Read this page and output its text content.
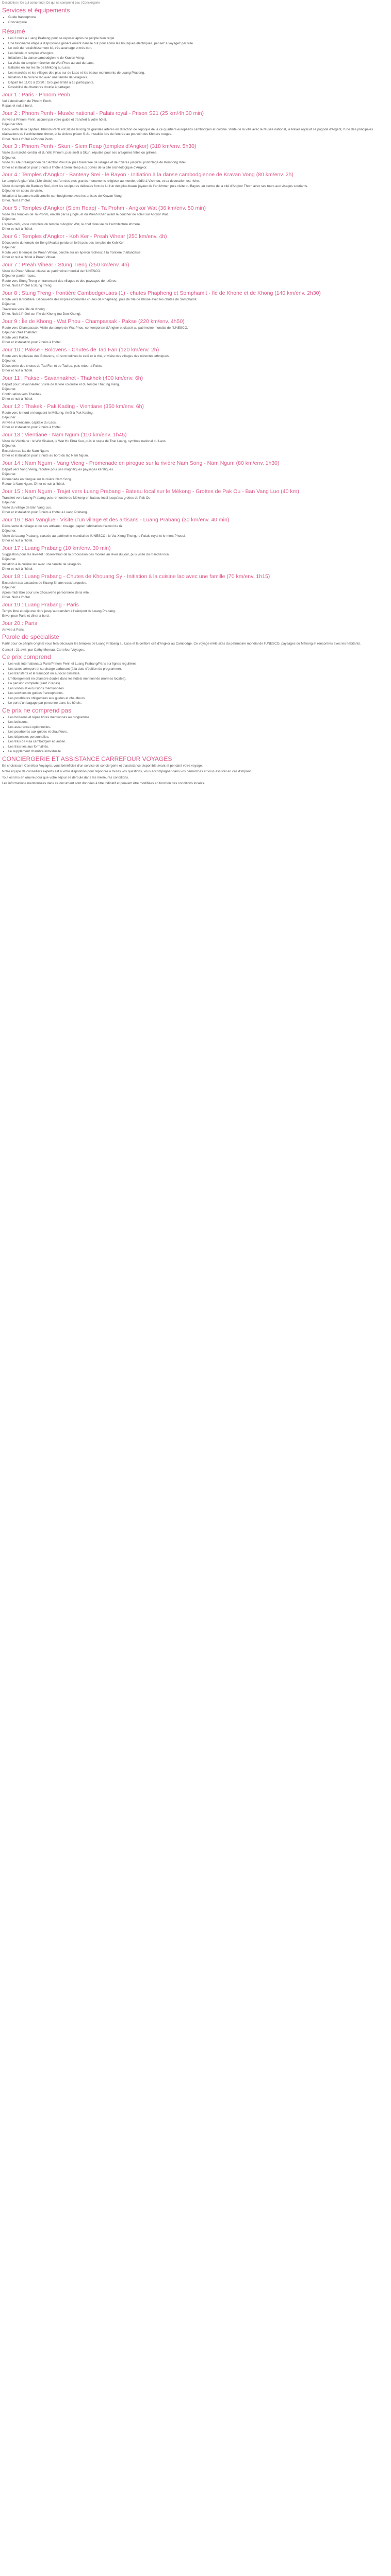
Description | Ce qui comprend | Ce qui ne comprend pas | Conciergerie
Services et équipements
• Guide francophone
• Conciergerie
Résumé
• Les 3 nuits à Luang Prabang pour se reposer après ce périple bien réglé.
• Une fascinante étape à dispositions généralement dans le but pour écrire les boutiques électriques, pensez à voyagez par ville.
• Le coût du rafraîchissement ici, très avantage et très bon.
• Les fabuleux temples d'Angkor.
• Initiation à la danse cambodgienne de Kravan Vong.
• La visite du temple mérovien de Wat Phou au sud du Laos.
• Balades en sur les île de Mékong au Laos.
• Les marchés et les villages des plus sur de Laos et les beaux monuments de Luang Prabang.
• Initiation à la cuisine lao avec une famille de villageois.
• Départ les 11/01 à 20/20 : Groupes limité à 16 participants.
• Possibilité de chambres double à partager.
Jour 1 : Paris - Phnom Penh

Vol à destination de Phnom Penh.
Repas et nuit à bord.

Jour 2 : Phnom Penh - Musée national - Palais royal - Prison S21 (25 km/4h 30 min)

Arrivée à Phnom Penh, accueil par votre guide et transfert à votre hôtel.
Déjeuner libre.
Découverte de la capitale. Phnom Penh est située le long de grandes artères en direction de l'époque de la ce quartiers européens cambodgien et colonie. Visite de la ville avec le Musée national, le Palais royal et sa pagode d'Argent, l'une des principales réalisations de l'architecture khmer, et la sinistre prison S-21 installée lors de l'entrée au pouvoir des Khmers rouges.
Dîner. Nuit à l'hôtel à Phnom Penh.

Jour 3 : Phnom Penh - Skun - Siem Reap (temples d'Angkor) (318 km/env. 5h30)

Visite du marché central et du Wat Phnom, puis arrêt à Skun, réputée pour ses araignées frites ou grillées.
Déjeuner.
Visite du site préangkorien de Sambor Prei Kuk puis traversée de villages et de rizières jusqu'au pont Naga de Kompong Kdei.
Dîner et installation pour 3 nuits à l'hôtel à Siem Reap aux portes de la cité archéologique d'Angkor.

Jour 4 : Temples d'Angkor - Banteay Srei - le Bayon - Initiation à la danse cambodgienne de Kravan Vong (80 km/env. 2h)

Le temple Angkor Wat (12e siècle) est l'un des plus grands monuments religieux au monde, dédié à Vishnou, et sa décoration est riche.
Visite du temple de Banteay Srei, dont les sculptures délicates font de lui l'un des plus beaux joyaux de l'art khmer, puis visite du Bayon, au centre de la cité d'Angkor Thom avec ses tours aux visages souriants.
Déjeuner en cours de visite.
Initiation à la danse traditionnelle cambodgienne avec les artistes de Kravan Vong.
Dîner. Nuit à l'hôtel.

Jour 5 : Temples d'Angkor (Siem Reap) - Ta Prohm - Angkor Wat (36 km/env. 50 min)

Visite des temples de Ta Prohm, envahi par la jungle, et du Preah Khan avant le coucher de soleil sur Angkor Wat.
Déjeuner.
L'après-midi, visite complète du temple d'Angkor Wat, le chef d'œuvre de l'architecture khmère.
Dîner et nuit à l'hôtel.

Jour 6 : Temples d'Angkor - Koh Ker - Preah Vihear (250 km/env. 4h)

Découverte du temple de Beng Mealea perdu en forêt puis des temples de Koh Ker.
Déjeuner.
Route vers le temple de Preah Vihear, perché sur un éperon rocheux à la frontière thaïlandaise.
Dîner et nuit à l'hôtel à Preah Vihear.

Jour 7 : Preah Vihear - Stung Treng (250 km/env. 4h)

Visite du Preah Vihear, classé au patrimoine mondial de l'UNESCO.
Déjeuner panier-repas.
Route vers Stung Treng en traversant des villages et des paysages de rizières.
Dîner. Nuit à l'hôtel à Stung Treng.

Jour 8 : Stung Treng - frontière Cambodge/Laos (1) - chutes Phapheng et Somphamit - île de Khone et de Khong (140 km/env. 2h30)

Route vers la frontière. Découverte des impressionnantes chutes de Phapheng, puis de l'île de Khone avec les chutes de Somphamit.
Déjeuner.
Traversée vers l'île de Khong.
Dîner. Nuit à l'hôtel sur l'île de Khong (ou Don Khong).

Jour 9 : Île de Khong - Wat Phou - Champassak - Pakse (220 km/env. 4h50)

Route vers Champassak. Visite du temple de Wat Phou, contemporain d'Angkor et classé au patrimoine mondial de l'UNESCO.
Déjeuner chez l'habitant.
Route vers Pakse.
Dîner et installation pour 2 nuits à l'hôtel.

Jour 10 : Pakse - Bolovens - Chutes de Tad Fan (120 km/env. 2h)

Route vers le plateau des Bolovens, où sont cultivés le café et le thé, et visite des villages des minorités ethniques.
Déjeuner.
Découverte des chutes de Tad Fan et de Tad Lo, puis retour à Pakse.
Dîner et nuit à l'hôtel.

Jour 11 : Pakse - Savannakhet - Thakhek (400 km/env. 6h)

Départ pour Savannakhet. Visite de la ville coloniale et du temple That Ing Hang.
Déjeuner.
Continuation vers Thakhek.
Dîner et nuit à l'hôtel.

Jour 12 : Thakek - Pak Kading - Vientiane (350 km/env. 6h)

Route vers le nord en longeant le Mékong. Arrêt à Pak Kading.
Déjeuner.
Arrivée à Vientiane, capitale du Laos.
Dîner et installation pour 2 nuits à l'hôtel.

Jour 13 : Vientiane - Nam Ngum (110 km/env. 1h45)

Visite de Vientiane : le Wat Sisaket, le Wat Ho Phra Keo, puis le stupa de That Luang, symbole national du Laos.
Déjeuner.
Excursion au lac de Nam Ngum.
Dîner et installation pour 2 nuits au bord du lac Nam Ngum.

Jour 14 : Nam Ngum - Vang Vieng - Promenade en pirogue sur la rivière Nam Song - Nam Ngum (80 km/env. 1h30)

Départ vers Vang Vieng, réputée pour ses magnifiques paysages karstiques.
Déjeuner.
Promenade en pirogue sur la rivière Nam Song.
Retour à Nam Ngum. Dîner et nuit à l'hôtel.

Jour 15 : Nam Ngum - Trajet vers Luang Prabang - Bateau local sur le Mékong - Grottes de Pak Ou - Ban Vang Luo (40 km)

Transfert vers Luang Prabang puis remontée du Mékong en bateau local jusqu'aux grottes de Pak Ou.
Déjeuner.
Visite du village de Ban Vang Luo.
Dîner et installation pour 3 nuits à l'hôtel à Luang Prabang.

Jour 16 : Ban Vanglue - Visite d'un village et des artisans - Luang Prabang (30 km/env. 40 min)

Découverte du village et de ses artisans : tissage, papier, fabrication d'alcool de riz.
Déjeuner.
Visite de Luang Prabang, classée au patrimoine mondial de l'UNESCO : le Vat Xieng Thong, le Palais royal et le mont Phousi.
Dîner et nuit à l'hôtel.

Jour 17 : Luang Prabang (10 km/env. 30 min)

Suggestion pour les lève-tôt : observation de la procession des moines au lever du jour, puis visite du marché local.
Déjeuner.
Initiation à la cuisine lao avec une famille de villageois.
Dîner et nuit à l'hôtel.

Jour 18 : Luang Prabang - Chutes de Khouang Sy - Initiation à la cuisine lao avec une famille (70 km/env. 1h15)

Excursion aux cascades de Kuang Si, aux eaux turquoise.
Déjeuner.
Après-midi libre pour une découverte personnelle de la ville.
Dîner. Nuit à l'hôtel.

Jour 19 : Luang Prabang - Paris

Temps libre et déjeuner libre jusqu'au transfert à l'aéroport de Luang Prabang.
Envol pour Paris et dîner à bord.

Jour 20 : Paris

Arrivée à Paris.

Parole de spécialiste

Partir pour ce périple original vous fera découvrir les temples de Luang Prabang au Laos et la célèbre cité d'Angkor au Cambodge. Ce voyage mêle sites du patrimoine mondial de l'UNESCO, paysages du Mékong et rencontres avec les habitants.

Conseil : 21 avril, par Cathy Moreau, Carrefour Voyages.

Ce prix comprend
• Les vols internationaux Paris/Phnom Penh et Luang Prabang/Paris sur lignes régulières.
• Les taxes aéroport et surcharge carburant (à la date d'édition du programme).
• Les transferts et le transport en autocar climatisé.
• L'hébergement en chambre double dans les hôtels mentionnés (normes locales).
• La pension complète (sauf 2 repas).
• Les visites et excursions mentionnées.
• Les services de guides francophones.
• Les pourboires obligatoires aux guides et chauffeurs.
• Le port d'un bagage par personne dans les hôtels.
Ce prix ne comprend pas
• Les boissons et repas libres mentionnés au programme.
• Les boissons.
• Les assurances optionnelles.
• Les pourboires aux guides et chauffeurs.
• Les dépenses personnelles.
• Les frais de visa cambodgien et laotien.
• Les frais liés aux formalités.
• Le supplément chambre individuelle.
CONCIERGERIE ET ASSISTANCE CARREFOUR VOYAGES

En choisissant Carrefour Voyages, vous bénéficiez d'un service de conciergerie et d'assistance disponible avant et pendant votre voyage.

Notre équipe de conseillers experts est à votre disposition pour répondre à toutes vos questions, vous accompagner dans vos démarches et vous assister en cas d'imprévu.

Tout est mis en œuvre pour que votre séjour se déroule dans les meilleures conditions.

Les informations mentionnées dans ce document sont données à titre indicatif et peuvent être modifiées en fonction des conditions locales.
